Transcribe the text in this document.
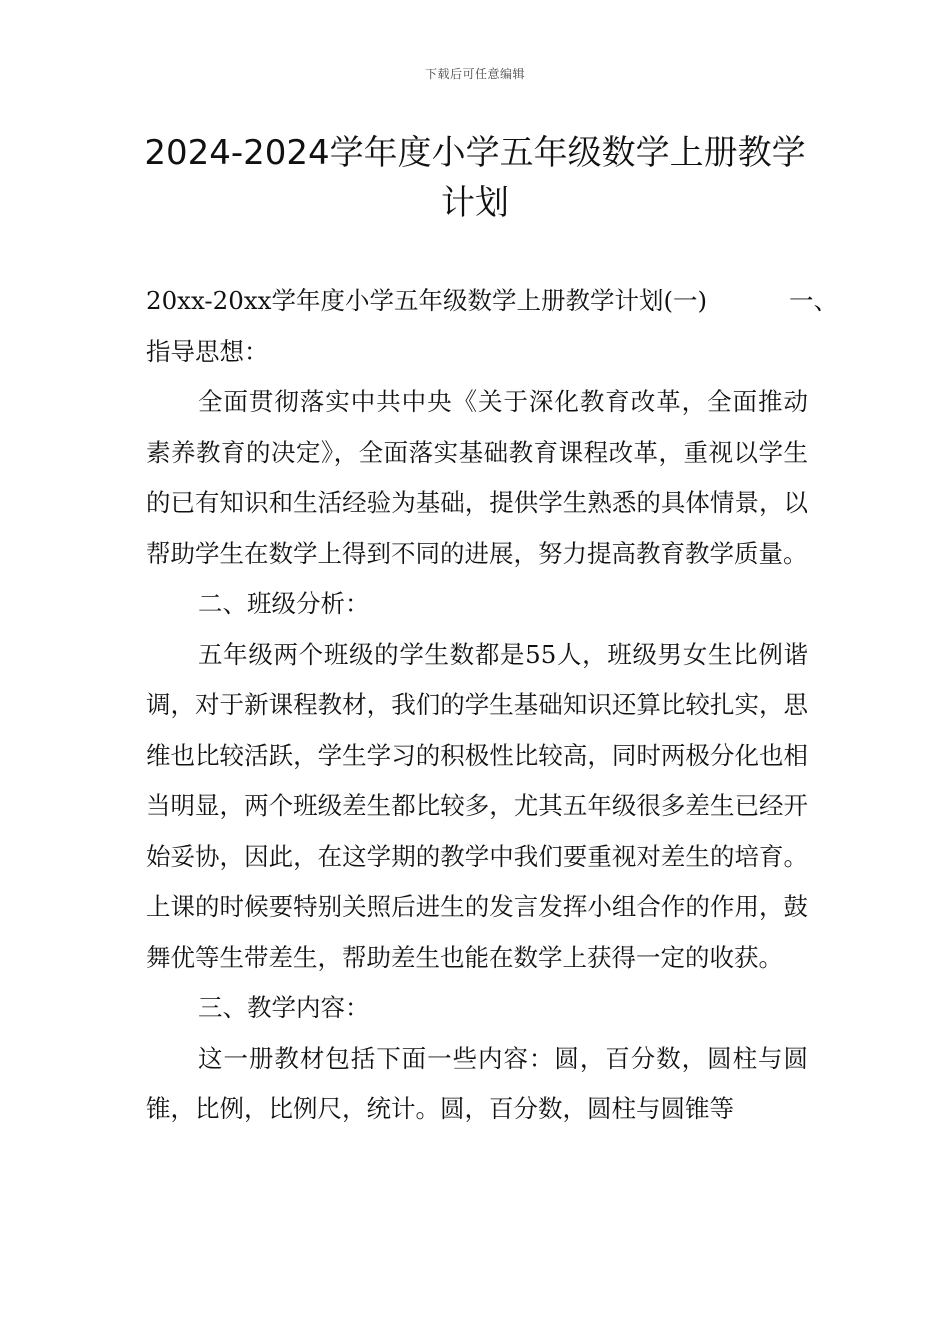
下载后可任意编辑
2024-2024学年度小学五年级数学上册教学
计划

20xx-20xx学年度小学五年级数学上册教学计划(一)	一、
指导思想：

全面贯彻落实中共中央《关于深化教育改革，全面推动素养教育的决定》，全面落实基础教育课程改革，重视以学生的已有知识和生活经验为基础，提供学生熟悉的具体情景，以帮助学生在数学上得到不同的进展，努力提高教育教学质量。

二、班级分析：

五年级两个班级的学生数都是55人，班级男女生比例谐调，对于新课程教材，我们的学生基础知识还算比较扎实，思维也比较活跃，学生学习的积极性比较高，同时两极分化也相当明显，两个班级差生都比较多，尤其五年级很多差生已经开始妥协，因此，在这学期的教学中我们要重视对差生的培育。上课的时候要特别关照后进生的发言发挥小组合作的作用，鼓舞优等生带差生，帮助差生也能在数学上获得一定的收获。

三、教学内容：

这一册教材包括下面一些内容：圆，百分数，圆柱与圆锥，比例，比例尺，统计。圆，百分数，圆柱与圆锥等
